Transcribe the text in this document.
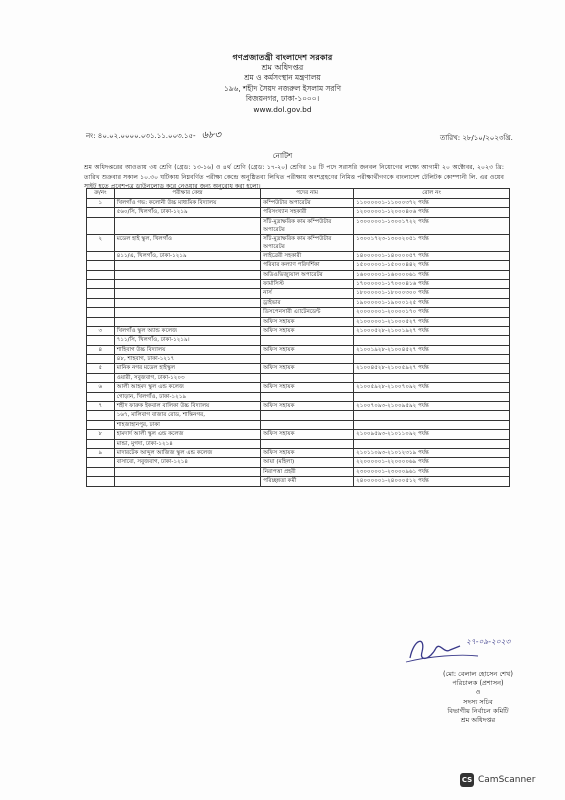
গণপ্রজাতন্ত্রী বাংলাদেশ সরকার
শ্রম অধিদপ্তর
শ্রম ও কর্মসংস্থান মন্ত্রণালয়
১৯৬, শহীদ সৈয়দ নজরুল ইসলাম সরণি
বিজয়নগর, ঢাকা-১০০০।
www.dol.gov.bd
নং: ৪০.০২.০০০০.০৩১.১১.০০৩.১৫- ৬৮৩	তারিখ: ২৮/১০/২০২৩খ্রি.
নোটিশ
শ্রম অধিদপ্তরের আওতায় ৩য় শ্রেণি (গ্রেড: ১৩-১৬) ও ৪র্থ শ্রেণি (গ্রেড: ১৭-২০) শ্রেণির ১৪ টি পদে সরাসরি জনবল নিয়োগের লক্ষ্যে আগামী ২০ অক্টোবর, ২০২৩ খ্রি: তারিখ শুক্রবার সকাল ১০.৩০ ঘটিকায় নিম্নবর্ণিত পরীক্ষা কেন্দ্রে অনুষ্ঠিতব্য লিখিত পরীক্ষায় অংশগ্রহণের নিমিত্ত পরীক্ষার্থীগণকে বাংলাদেশ টেলিটক কোম্পানী লি. এর ওয়েব সাইট হতে প্রবেশপত্র ডাউনলোড করে নেওয়ার জন্য অনুরোধ করা হলো।
ক্র/নং	পরীক্ষার কেন্দ্র	পদের নাম	রোল নং
১	খিলগাঁও গভ: কলোনী উচ্চ মাধ্যমিক বিদ্যালয়	কম্পিউটার অপারেটর	১১০০০০০১-১১০০০৩৭২ পর্যন্ত
	৫৬০/সি, খিলগাঁও, ঢাকা-১২১৯	পরিসংখ্যান সহকারী	১২০০০০০১-১২০০০৪০৬ পর্যন্ত
		সাঁট-মুদ্রাক্ষরিক কাম কম্পিউটার অপারেটর	১৩০০০০০১-১৩০০১৭২২ পর্যন্ত
২	মডেল হাই স্কুল, খিলগাঁও	সাঁট-মুদ্রাক্ষরিক কাম কম্পিউটার অপারেটর	১৩০০১৭২৩-১৩০০২০৫১ পর্যন্ত
	৪১১/এ, খিলগাঁও, ঢাকা-১২১৯	লাইব্রেরী সহকারী	১৪০০০০০১-১৪০০০০৫৭ পর্যন্ত
		পরিবার কল্যাণ পরিদর্শিকা	১৫০০০০০১-১৫০০০৪৪২ পর্যন্ত
		অডিওভিজ্যুয়াল অপারেটর	১৬০০০০০১-১৬০০০০৬১ পর্যন্ত
		ফার্মাসিস্ট	১৭০০০০০১-১৭০০০৪১৬ পর্যন্ত
		নার্স	১৮০০০০০১-১৮০০০৩০০ পর্যন্ত
		ড্রাইভার	১৯০০০০০১-১৯০০০১২৫ পর্যন্ত
		ডিসপেনসারী এ্যাটেনডেন্ট	২০০০০০০১-২০০০০১৭০ পর্যন্ত
		অফিস সহায়ক	২১০০০০০১-২১০০০৫২৭ পর্যন্ত
৩	খিলগাঁও স্কুল অ্যান্ড কলেজ	অফিস সহায়ক	২১০০০৫২৮-২১০০১৯২৭ পর্যন্ত
	৭১১/সি, খিলগাঁও, ঢাকা-১২১৯।		
৪	শাহিবাগ উচ্চ বিদ্যালয়	অফিস সহায়ক	২১০০১৯২৮-২১০০৪৫২৭ পর্যন্ত
	৪৮, শাহবাগ, ঢাকা-১২১৭		
৫	মানিক নগর মডেল হাইস্কুল	অফিস সহায়ক	২১০০৪৫২৮-২১০০৫৯২৭ পর্যন্ত
	ওয়ারী, সবুজবাগ, ঢাকা-১২০৩		
৬	আলী আহমদ স্কুল এন্ড কলেজ	অফিস সহায়ক	২১০০৫৯২৮-২১০০৭০৯২ পর্যন্ত
	গোড়ান, খিলগাঁও, ঢাকা-১২১৯		
৭	শহীদ ফারুক ইকবাল বালিকা উচ্চ বিদ্যালয়	অফিস সহায়ক	২১০০৭০৯৩-২১০০৯৫৯২ পর্যন্ত
	১৬৭, মালিবাগ বাজার রোড, শান্তিনগর,		
	শাহজাহানপুর, ঢাকা		
৮	হামদার্দ আলী স্কুল এন্ড কলেজ	অফিস সহায়ক	২১০০৯৫৯৩-২১০১১০৯২ পর্যন্ত
	মান্ডা, মুগদা, ঢাকা-১২১৪		
৯	মাদারটেক আব্দুল আজিজ স্কুল এন্ড কলেজ	অফিস সহায়ক	২১০১১০৯৩-২১০১২৩১৯ পর্যন্ত
	বাসাবো, সবুজবাগ, ঢাকা-১২১৪	আয়া (মহিলা)	২২০০০০০১-২২০০০০৬৯ পর্যন্ত
		নিরাপত্তা প্রহরী	২৩০০০০০১-২৩০০০৯৬১ পর্যন্ত
		পরিচ্ছন্নতা কর্মী	২৪০০০০০১-২৪০০০৫১২ পর্যন্ত
২৭-০৯-২০২৩
(মো: বেলাল হোসেন শেখ)
পরিচালক (প্রশাসন)
ও
সদস্য সচিব
বিভাগীয় নির্বাচন কমিটি
শ্রম অধিদপ্তর
CS CamScanner
